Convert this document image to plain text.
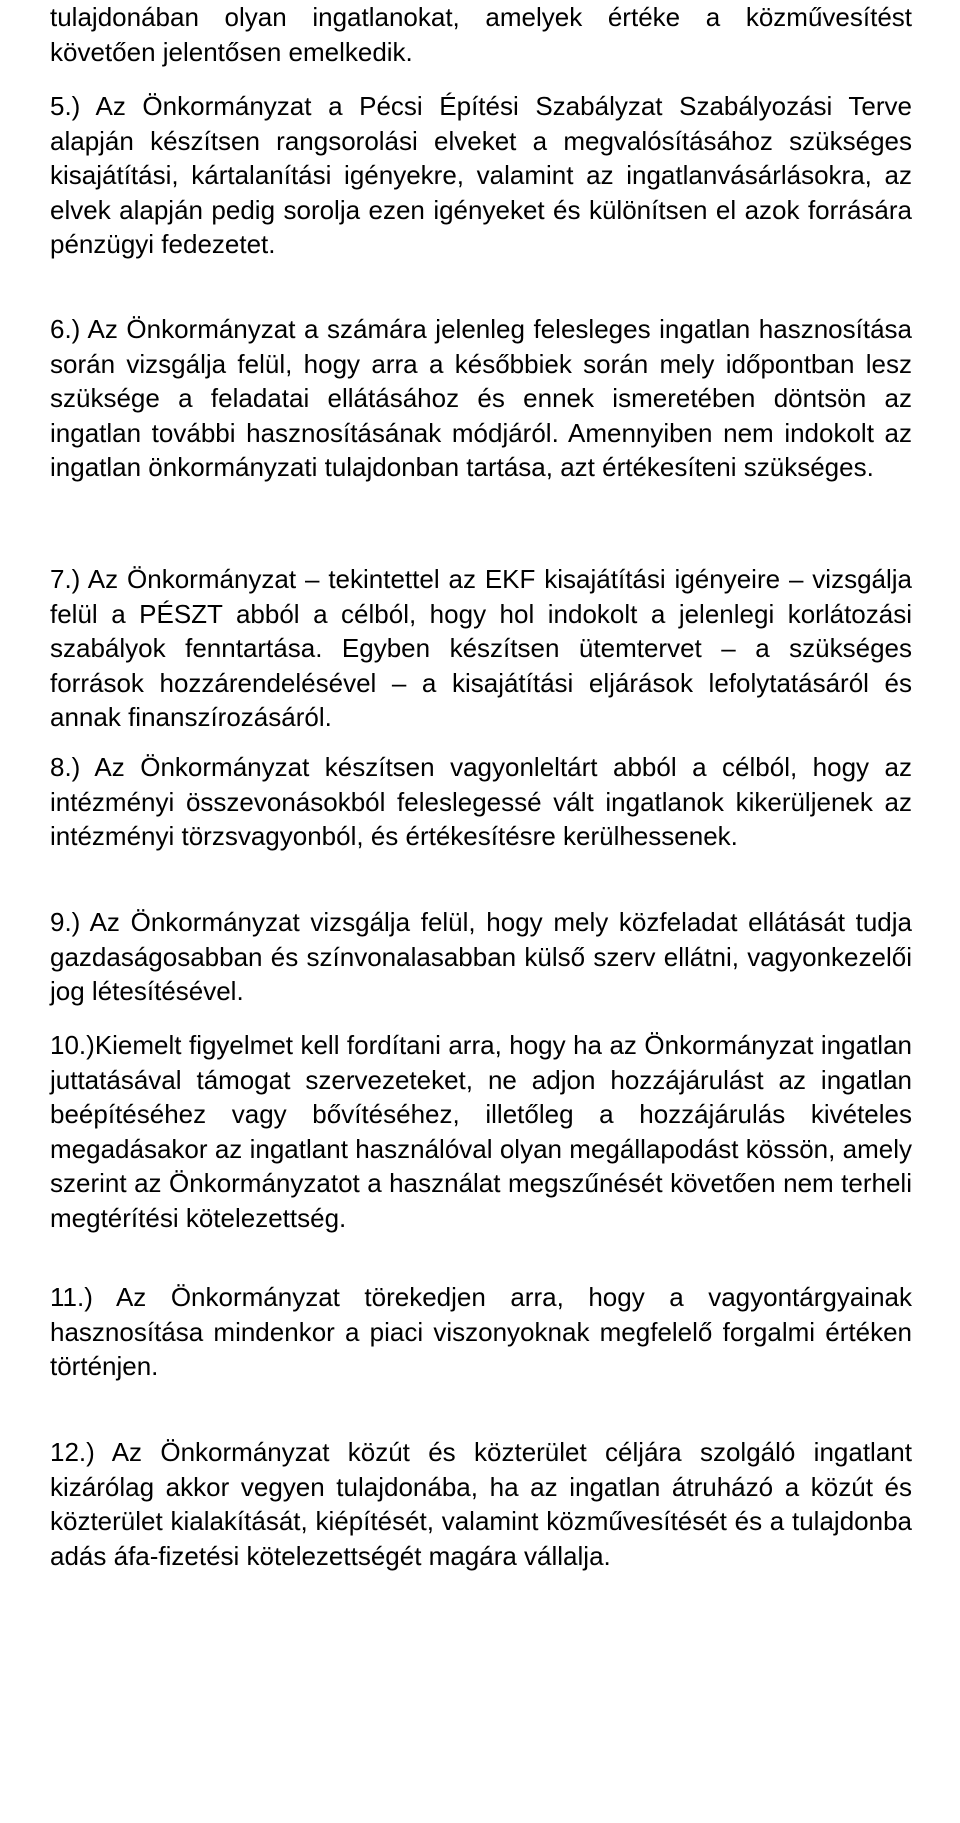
tulajdonában olyan ingatlanokat, amelyek értéke a közművesítést követően jelentősen emelkedik.

5.) Az Önkormányzat a Pécsi Építési Szabályzat Szabályozási Terve alapján készítsen rangsorolási elveket a megvalósításához szükséges kisajátítási, kártalanítási igényekre, valamint az ingatlanvásárlásokra, az elvek alapján pedig sorolja ezen igényeket és különítsen el azok forrására pénzügyi fedezetet.

6.) Az Önkormányzat a számára jelenleg felesleges ingatlan hasznosítása során vizsgálja felül, hogy arra a későbbiek során mely időpontban lesz szüksége a feladatai ellátásához és ennek ismeretében döntsön az ingatlan további hasznosításának módjáról. Amennyiben nem indokolt az ingatlan önkormányzati tulajdonban tartása, azt értékesíteni szükséges.

7.) Az Önkormányzat – tekintettel az EKF kisajátítási igényeire – vizsgálja felül a PÉSZT abból a célból, hogy hol indokolt a jelenlegi korlátozási szabályok fenntartása. Egyben készítsen ütemtervet – a szükséges források hozzárendelésével – a kisajátítási eljárások lefolytatásáról és annak finanszírozásáról.

8.) Az Önkormányzat készítsen vagyonleltárt abból a célból, hogy az intézményi összevonásokból feleslegessé vált ingatlanok kikerüljenek az intézményi törzsvagyonból, és értékesítésre kerülhessenek.

9.) Az Önkormányzat vizsgálja felül, hogy mely közfeladat ellátását tudja gazdaságosabban és színvonalasabban külső szerv ellátni, vagyonkezelői jog létesítésével.

10.)Kiemelt figyelmet kell fordítani arra, hogy ha az Önkormányzat ingatlan juttatásával támogat szervezeteket, ne adjon hozzájárulást az ingatlan beépítéséhez vagy bővítéséhez, illetőleg a hozzájárulás kivételes megadásakor az ingatlant használóval olyan megállapodást kössön, amely szerint az Önkormányzatot a használat megszűnését követően nem terheli megtérítési kötelezettség.

11.) Az Önkormányzat törekedjen arra, hogy a vagyontárgyainak hasznosítása mindenkor a piaci viszonyoknak megfelelő forgalmi értéken történjen.

12.) Az Önkormányzat közút és közterület céljára szolgáló ingatlant kizárólag akkor vegyen tulajdonába, ha az ingatlan átruházó a közút és közterület kialakítását, kiépítését, valamint közművesítését és a tulajdonba adás áfa-fizetési kötelezettségét magára vállalja.
